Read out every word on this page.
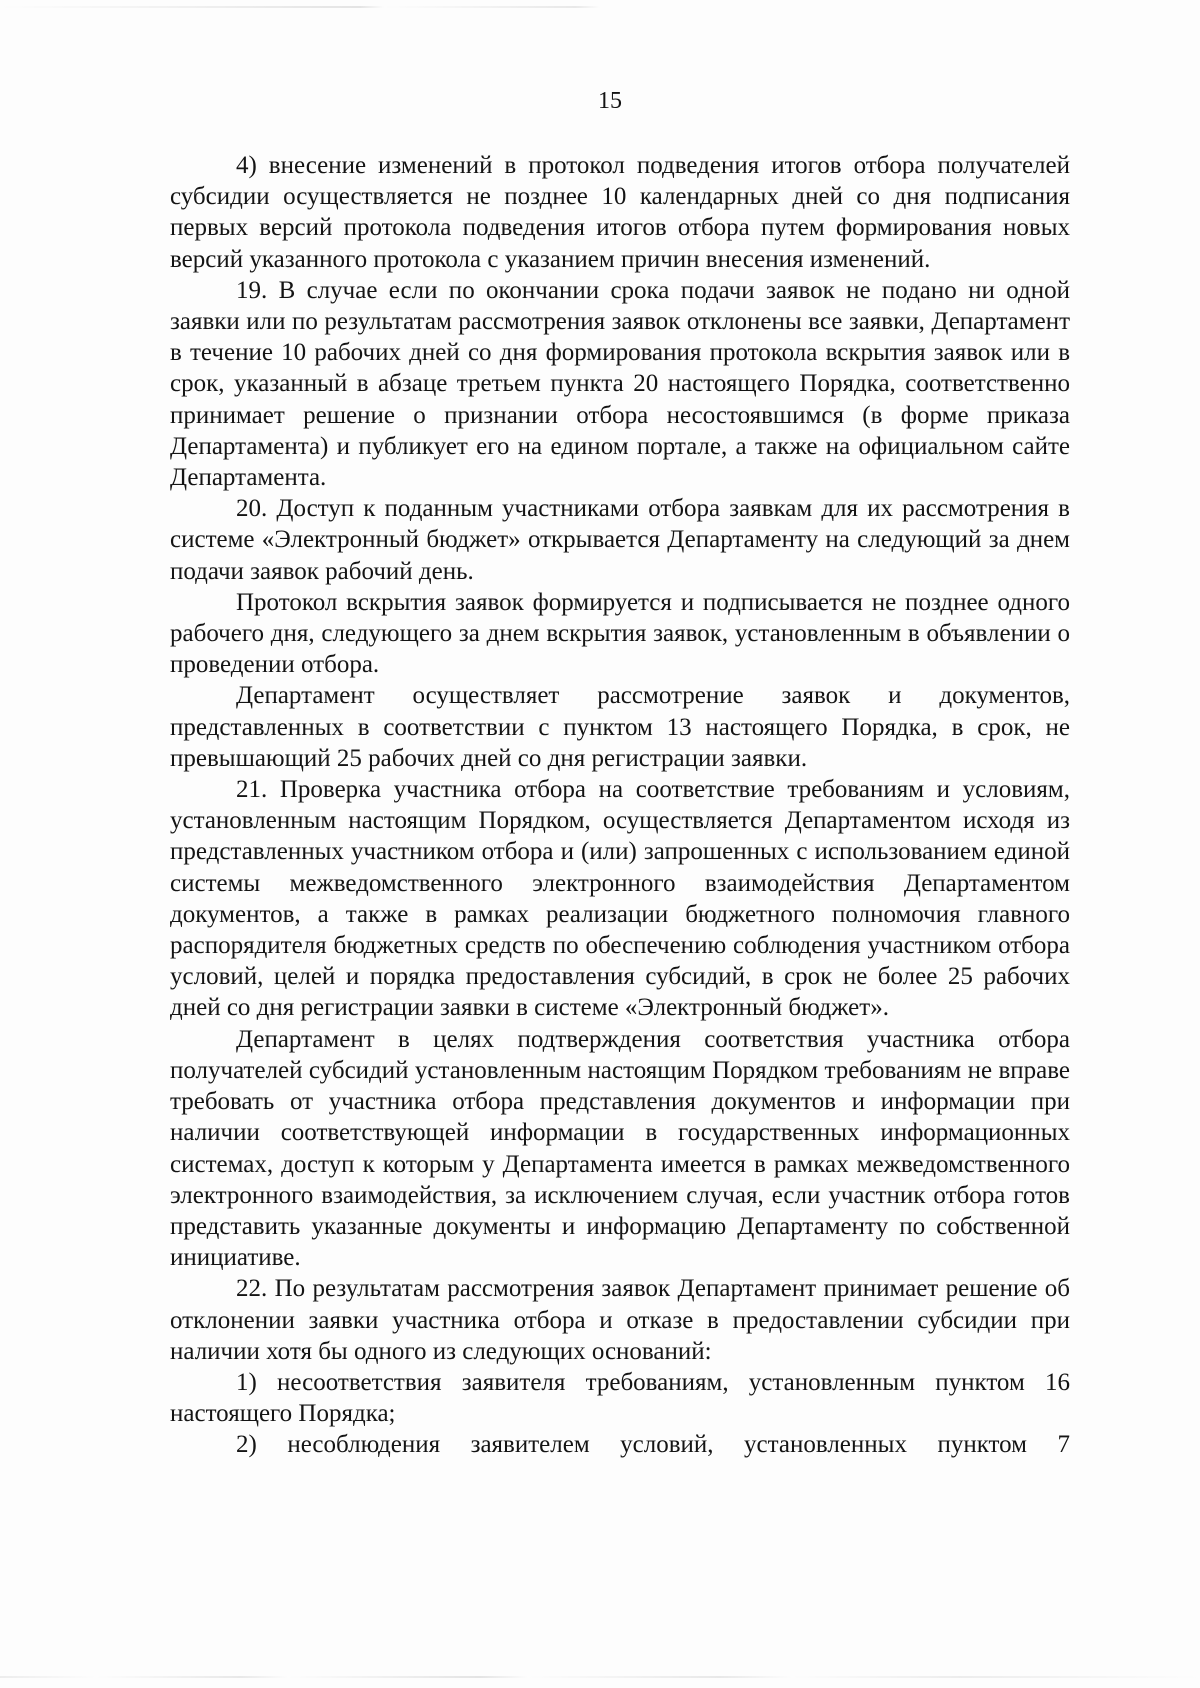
15

4) внесение изменений в протокол подведения итогов отбора получателей субсидии осуществляется не позднее 10 календарных дней со дня подписания первых версий протокола подведения итогов отбора путем формирования новых версий указанного протокола с указанием причин внесения изменений.

19. В случае если по окончании срока подачи заявок не подано ни одной заявки или по результатам рассмотрения заявок отклонены все заявки, Департамент в течение 10 рабочих дней со дня формирования протокола вскрытия заявок или в срок, указанный в абзаце третьем пункта 20 настоящего Порядка, соответственно принимает решение о признании отбора несостоявшимся (в форме приказа Департамента) и публикует его на едином портале, а также на официальном сайте Департамента.

20. Доступ к поданным участниками отбора заявкам для их рассмотрения в системе «Электронный бюджет» открывается Департаменту на следующий за днем подачи заявок рабочий день.

Протокол вскрытия заявок формируется и подписывается не позднее одного рабочего дня, следующего за днем вскрытия заявок, установленным в объявлении о проведении отбора.

Департамент осуществляет рассмотрение заявок и документов, представленных в соответствии с пунктом 13 настоящего Порядка, в срок, не превышающий 25 рабочих дней со дня регистрации заявки.

21. Проверка участника отбора на соответствие требованиям и условиям, установленным настоящим Порядком, осуществляется Департаментом исходя из представленных участником отбора и (или) запрошенных с использованием единой системы межведомственного электронного взаимодействия Департаментом документов, а также в рамках реализации бюджетного полномочия главного распорядителя бюджетных средств по обеспечению соблюдения участником отбора условий, целей и порядка предоставления субсидий, в срок не более 25 рабочих дней со дня регистрации заявки в системе «Электронный бюджет».

Департамент в целях подтверждения соответствия участника отбора получателей субсидий установленным настоящим Порядком требованиям не вправе требовать от участника отбора представления документов и информации при наличии соответствующей информации в государственных информационных системах, доступ к которым у Департамента имеется в рамках межведомственного электронного взаимодействия, за исключением случая, если участник отбора готов представить указанные документы и информацию Департаменту по собственной инициативе.

22. По результатам рассмотрения заявок Департамент принимает решение об отклонении заявки участника отбора и отказе в предоставлении субсидии при наличии хотя бы одного из следующих оснований:

1) несоответствия заявителя требованиям, установленным пунктом 16 настоящего Порядка;

2) несоблюдения заявителем условий, установленных пунктом 7
